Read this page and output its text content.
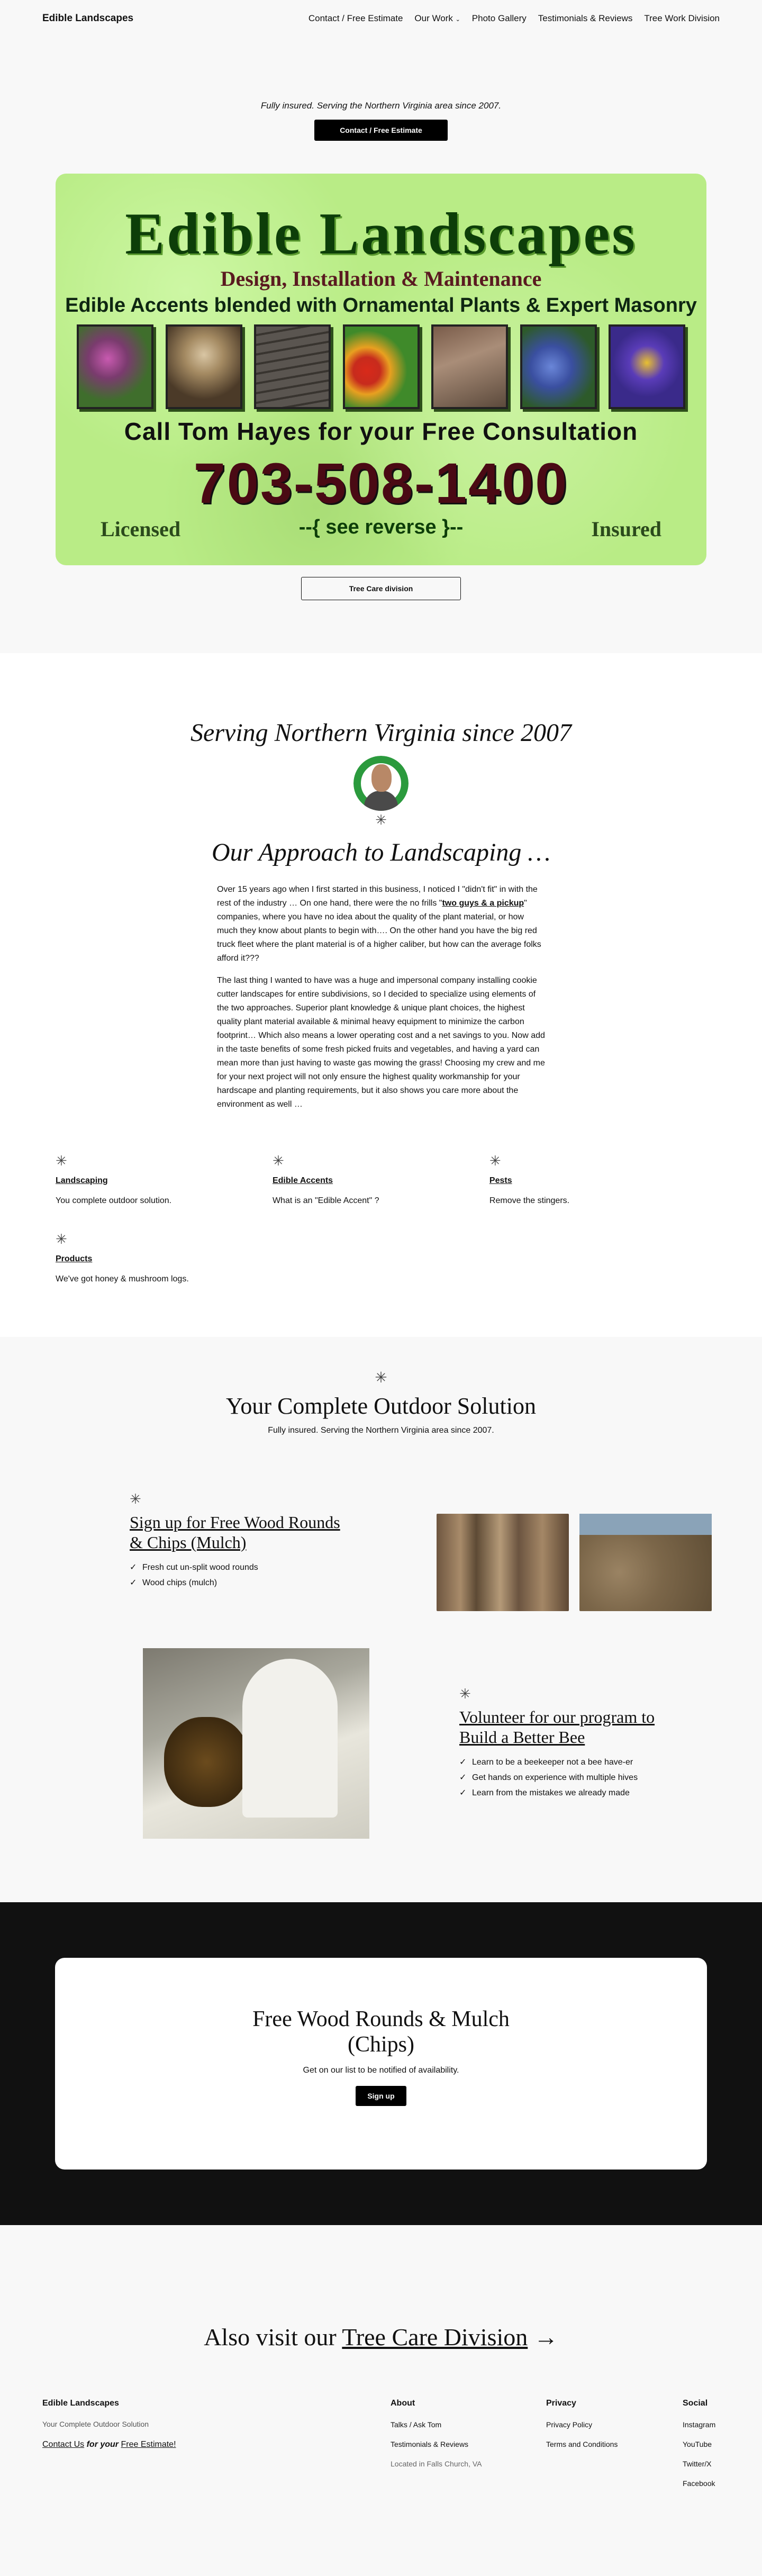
Edible Landscapes	Contact / Free Estimate Our Work ⌄ Photo Gallery Testimonials & Reviews Tree Work Division

Fully insured. Serving the Northern Virginia area since 2007.

Contact / Free Estimate
Edible Landscapes
Design, Installation & Maintenance
Edible Accents blended with Ornamental Plants & Expert Masonry
Call Tom Hayes for your Free Consultation
703-508-1400
Licensed	--{ see reverse }--	Insured
Tree Care division
Serving Northern Virginia since 2007
✳
Our Approach to Landscaping …

Over 15 years ago when I first started in this business, I noticed I "didn't fit" in with the rest of the industry … On one hand, there were the no frills "two guys & a pickup" companies, where you have no idea about the quality of the plant material, or how much they know about plants to begin with…. On the other hand you have the big red truck fleet where the plant material is of a higher caliber, but how can the average folks afford it???

The last thing I wanted to have was a huge and impersonal company installing cookie cutter landscapes for entire subdivisions, so I decided to specialize using elements of the two approaches. Superior plant knowledge & unique plant choices, the highest quality plant material available & minimal heavy equipment to minimize the carbon footprint… Which also means a lower operating cost and a net savings to you. Now add in the taste benefits of some fresh picked fruits and vegetables, and having a yard can mean more than just having to waste gas mowing the grass! Choosing my crew and me for your next project will not only ensure the highest quality workmanship for your hardscape and planting requirements, but it also shows you care more about the environment as well …

✳
Landscaping
You complete outdoor solution.
✳
Edible Accents
What is an "Edible Accent" ?
✳
Pests
Remove the stingers.
✳
Products
We've got honey & mushroom logs.
✳
Your Complete Outdoor Solution

Fully insured. Serving the Northern Virginia area since 2007.

✳
Sign up for Free Wood Rounds & Chips (Mulch)
✓ Fresh cut un-split wood rounds
✓ Wood chips (mulch)
✳
Volunteer for our program to Build a Better Bee
✓ Learn to be a beekeeper not a bee have-er
✓ Get hands on experience with multiple hives
✓ Learn from the mistakes we already made
Free Wood Rounds & Mulch (Chips)

Get on our list to be notified of availability.

Sign up
Also visit our Tree Care Division →
Edible Landscapes
Your Complete Outdoor Solution
Contact Us for your Free Estimate!
About
Talks / Ask Tom
Testimonials & Reviews
Located in Falls Church, VA
Privacy
Privacy Policy
Terms and Conditions
Social
Instagram
YouTube
Twitter/X
Facebook
